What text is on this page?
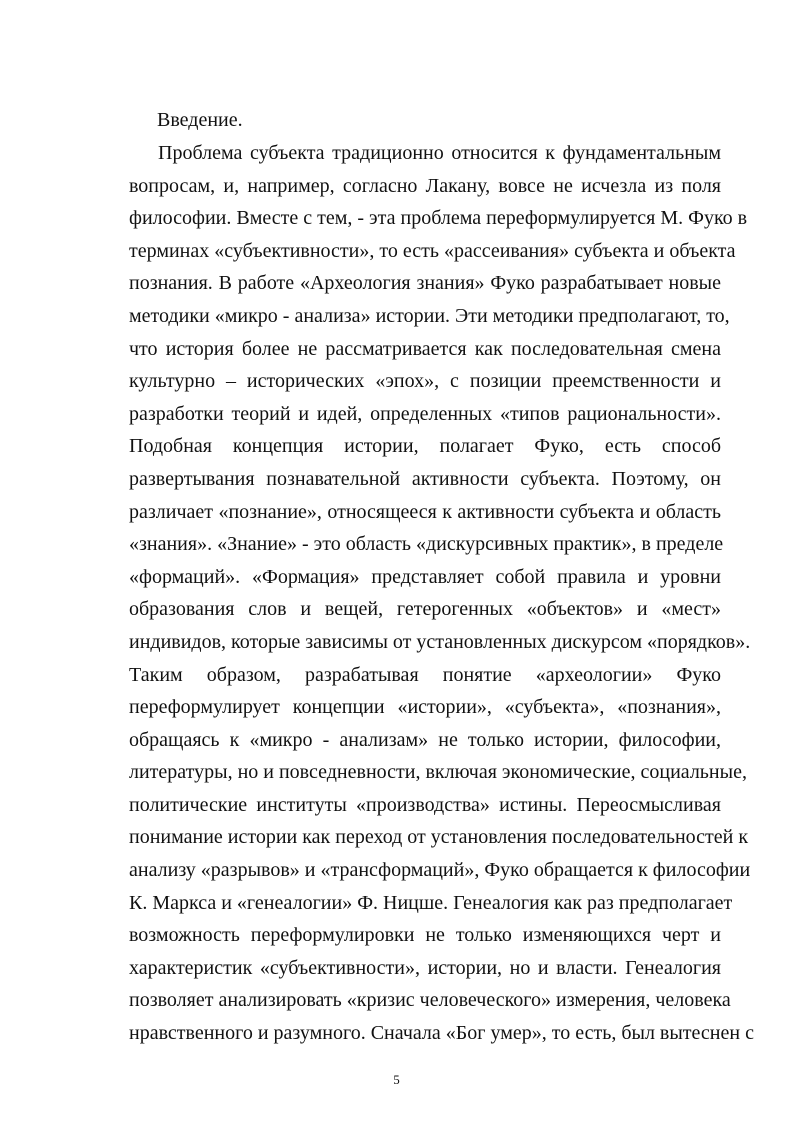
Введение.
Проблема субъекта традиционно относится к фундаментальным
вопросам, и, например, согласно Лакану, вовсе не исчезла из поля
философии. Вместе с тем, - эта проблема переформулируется М. Фуко в
терминах «субъективности», то есть «рассеивания» субъекта и объекта
познания. В работе «Археология знания» Фуко разрабатывает новые
методики «микро - анализа» истории. Эти методики предполагают, то,
что история более не рассматривается как последовательная смена
культурно – исторических «эпох», с позиции преемственности и
разработки теорий и идей, определенных «типов рациональности».
Подобная концепция истории, полагает Фуко, есть способ
развертывания познавательной активности субъекта. Поэтому, он
различает «познание», относящееся к активности субъекта и область
«знания». «Знание» - это область «дискурсивных практик», в пределе
«формаций». «Формация» представляет собой правила и уровни
образования слов и вещей, гетерогенных «объектов» и «мест»
индивидов, которые зависимы от установленных дискурсом «порядков».
Таким образом, разрабатывая понятие «археологии» Фуко
переформулирует концепции «истории», «субъекта», «познания»,
обращаясь к «микро - анализам» не только истории, философии,
литературы, но и повседневности, включая экономические, социальные,
политические институты «производства» истины. Переосмысливая
понимание истории как переход от установления последовательностей к
анализу «разрывов» и «трансформаций», Фуко обращается к философии
К. Маркса и «генеалогии» Ф. Ницше. Генеалогия как раз предполагает
возможность переформулировки не только изменяющихся черт и
характеристик «субъективности», истории, но и власти. Генеалогия
позволяет анализировать «кризис человеческого» измерения, человека
нравственного и разумного. Сначала «Бог умер», то есть, был вытеснен с
5
